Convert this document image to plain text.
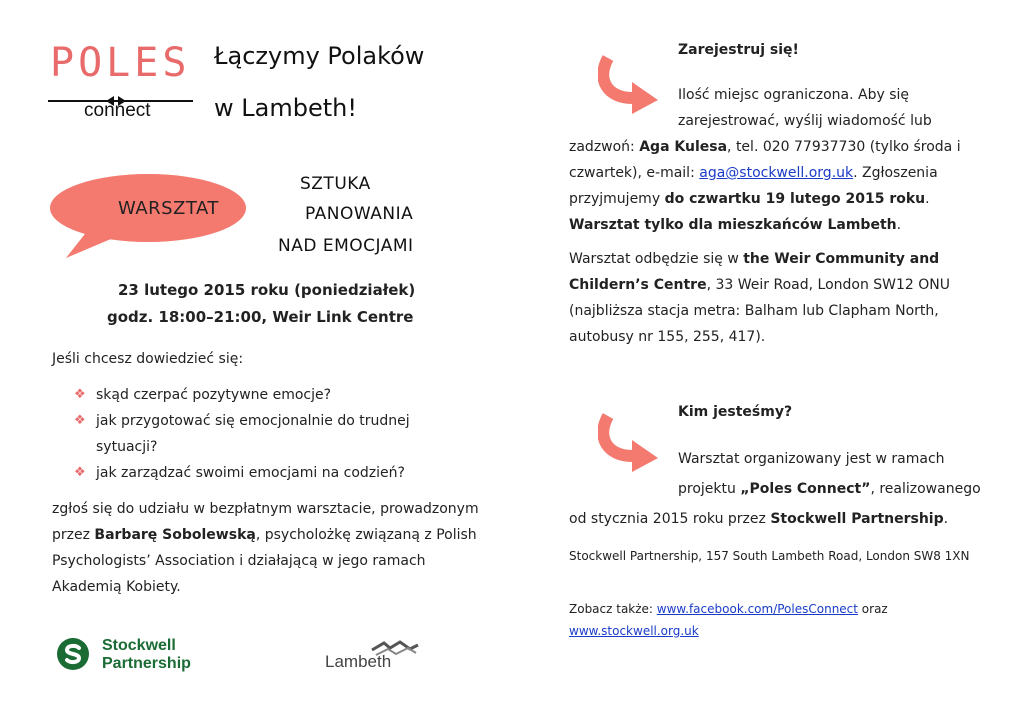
POLES
connect
Łączymy Polaków
w Lambeth!
WARSZTAT
SZTUKA
PANOWANIA
NAD EMOCJAMI
23 lutego 2015 roku (poniedziałek)
godz. 18:00–21:00, Weir Link Centre
Jeśli chcesz dowiedzieć się:
❖ skąd czerpać pozytywne emocje?
❖ jak przygotować się emocjonalnie do trudnej sytuacji?
❖ jak zarządzać swoimi emocjami na codzień?
zgłoś się do udziału w bezpłatnym warsztacie, prowadzonym przez Barbarę Sobolewską, psycholożkę związaną z Polish Psychologists’ Association i działającą w jego ramach Akademią Kobiety.
Stockwell
Partnership	Lambeth
Zarejestruj się!
Ilość miejsc ograniczona. Aby się
zarejestrować, wyślij wiadomość lub
zadzwoń: Aga Kulesa, tel. 020 77937730 (tylko środa i czwartek), e-mail: aga@stockwell.org.uk. Zgłoszenia przyjmujemy do czwartku 19 lutego 2015 roku. Warsztat tylko dla mieszkańców Lambeth.
Warsztat odbędzie się w the Weir Community and Childern’s Centre, 33 Weir Road, London SW12 ONU (najbliższa stacja metra: Balham lub Clapham North, autobusy nr 155, 255, 417).
Kim jesteśmy?
Warsztat organizowany jest w ramach
projektu „Poles Connect”, realizowanego
od stycznia 2015 roku przez Stockwell Partnership.
Stockwell Partnership, 157 South Lambeth Road, London SW8 1XN
Zobacz także: www.facebook.com/PolesConnect oraz
www.stockwell.org.uk
